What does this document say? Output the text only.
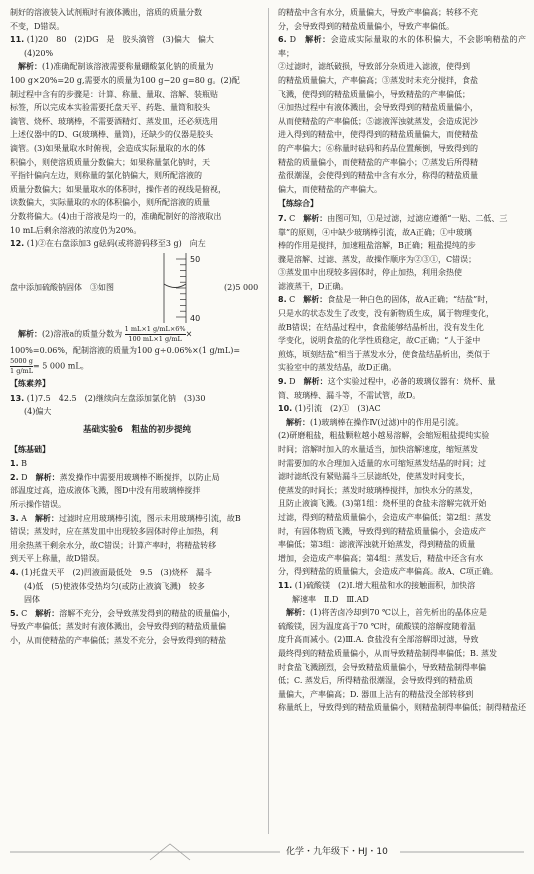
制好的溶液装入试剂瓶时有液体溅出，溶质的质量分数

不变，D错误。

11. (1)20　80　(2)DG　是　胶头滴管　(3)偏大　偏大

(4)20%

解析：(1)准确配制该溶液需要称量硼酸氯化钠的质量为

100 g×20%=20 g,需要水的质量为100 g−20 g=80 g。(2)配

制过程中含有的步骤是：计算、称量、量取、溶解、装瓶贴

标签，所以完成本实验需要托盘天平、药匙、量筒和胶头

滴管、烧杯、玻璃棒，不需要酒精灯、蒸发皿，还必须选用

上述仪器中的D、G(玻璃棒、量筒)，还缺少的仪器是胶头

滴管。(3)如果量取水时俯视，会造成实际量取的水的体

积偏小，则使溶质质量分数偏大；如果称量氯化钠时，天

平指针偏向左边，则称量的氯化钠偏大，则所配溶液的

质量分数偏大；如果量取水的体积时，操作者的视线是俯视，

读数偏大，实际量取的水的体积偏小，则所配溶液的质量

分数将偏大。(4)由于溶液是均一的，准确配制好的溶液取出

10 mL后剩余溶液的浓度仍为20%。

12. (1)②在右盘添加3 g砝码(或将游码移至3 g)　向左

盘中添加硫酸钠固体　③如图
50
40
(2)5 000

解析：(2)溶液a的质量分数为 $\frac{1 mL\times 1 g/mL\times 6\%}{100 mL\times 1 g/mL}$ ×

100%=0.06%，配制溶液的质量为100 g÷0.06%×(1 g/mL)=

$\frac{5000 g}{1 g/mL} = 5$ 000 mL。

【练素养】

13. (1)7.5　42.5　(2)继续向左盘添加氯化钠　(3)30

(4)偏大

基础实验6　粗盐的初步提纯

【练基础】

1. B

2. D　 解析：蒸发操作中需要用玻璃棒不断搅拌，以防止局

部温度过高，造成液体飞溅，图D中没有用玻璃棒搅拌

所示操作错误。

3. A　 解析：过滤时应用玻璃棒引流，图示未用玻璃棒引流，故B

错误；蒸发时，应在蒸发皿中出现较多固体时停止加热，利

用余热蒸干剩余水分，故C错误；计算产率时，将精盐转移

到天平上称量，故D错误。

4. (1)托盘天平　(2)凹液面最低处　9.5　(3)烧杯　漏斗

(4)低　(5)使液体受热均匀(或防止液滴飞溅)　较多

固体

5. C　 解析：溶解不充分，会导致蒸发得到的精盐的质量偏小，

导致产率偏低；蒸发时有液体溅出，会导致得到的精盐质量偏

小，从而使精盐的产率偏低；蒸发不充分，会导致得到的精盐

的精盐中含有水分，质量偏大，导致产率偏高；转移不充

分，会导致得到的精盐质量偏小，导致产率偏低。

6. D　 解析：会造成实际量取的水的体积偏大，不会影响精盐的产率；

②过滤时，滤纸破损，导致部分杂质进入滤液，使得到

的精盐质量偏大，产率偏高；③蒸发时未充分搅拌，食盐

飞溅，使得到的精盐质量偏小，导致精盐的产率偏低；

④加热过程中有液体溅出，会导致得到的精盐质量偏小，

从而使精盐的产率偏低；⑤滤液浑浊就蒸发，会造成泥沙

进入得到的精盐中，使得得到的精盐质量偏大，而使精盐

的产率偏大；⑥称量时砝码和药品位置颠倒，导致得到的

精盐的质量偏小，而使精盐的产率偏小；⑦蒸发后所得精

盐很潮湿，会使得到的精盐中含有水分，称得的精盐质量

偏大，而使精盐的产率偏大。

【练综合】

7. C　 解析：由图可知，①是过滤，过滤应遵循“一贴、二低、三

靠”的原则，④中缺少玻璃棒引流，故A正确；①中玻璃

棒的作用是搅拌，加速粗盐溶解，B正确；粗盐提纯的步

骤是溶解、过滤、蒸发，故操作顺序为②③①，C错误；

③蒸发皿中出现较多固体时，停止加热，利用余热使

滤液蒸干，D正确。

8. C　 解析：食盐是一种白色的固体，故A正确；“结盐”时，

只是水的状态发生了改变，没有新物质生成，属于物理变化，

故B错误；在结晶过程中，食盐能够结晶析出，没有发生化

学变化，说明食盐的化学性质稳定，故C正确；“人于釜中

煎炼，顷刻结盐”相当于蒸发水分，使食盐结晶析出，类似于

实验室中的蒸发结晶，故D正确。

9. D　 解析：这个实验过程中，必备的玻璃仪器有：烧杯、量

筒、玻璃棒、漏斗等，不需试管，故D。

10. (1)引流　(2)①　(3)AC

解析：(1)玻璃棒在操作Ⅳ(过滤)中的作用是引流。

(2)研磨粗盐，粗盐颗粒越小越易溶解，会缩短粗盐提纯实验

时间；溶解时加入的水量适当，加快溶解速度，缩短蒸发

时需要加的水合理加入适量的水可缩短蒸发结晶的时间；过

滤时滤纸没有紧贴漏斗三层滤纸处，使蒸发时间变长，

使蒸发的时间长；蒸发时玻璃棒搅拌，加快水分的蒸发，

且防止液滴飞溅。(3)第1组：烧杯里的食盐未溶解完就开始

过滤，得到的精盐质量偏小，会造成产率偏低；第2组：蒸发

时，有固体物质飞溅，导致得到的精盐质量偏小，会造成产

率偏低；第3组：滤液浑浊就开始蒸发，得到精盐的质量

增加，会造成产率偏高；第4组：蒸发后，精盐中还含有水

分，得到精盐的质量偏大，会造成产率偏高。故A、C项正确。

11. (1)硫酸镁　(2)Ⅰ.增大粗盐和水的接触面积，加快溶

解速率　Ⅱ.D　Ⅲ.AD

解析：(1)将苦卤冷却到70 ℃以上，首先析出的晶体应是

硫酸镁，因为温度高于70 ℃时，硫酸镁的溶解度随着温

度升高而减小。(2)Ⅲ.A. 食盐没有全部溶解即过滤，导致

最终得到的精盐质量偏小，从而导致精盐制得率偏低；B. 蒸发

时食盐飞溅剧烈，会导致精盐质量偏小，导致精盐制得率偏

低；C. 蒸发后，所得精盐很潮湿，会导致得到的精盐质

量偏大，产率偏高；D. 器皿上沾有的精盐没全部转移到

称量纸上，导致得到的精盐质量偏小，则精盐制得率偏低；制得精盐还

化学・九年级下・HJ・10
